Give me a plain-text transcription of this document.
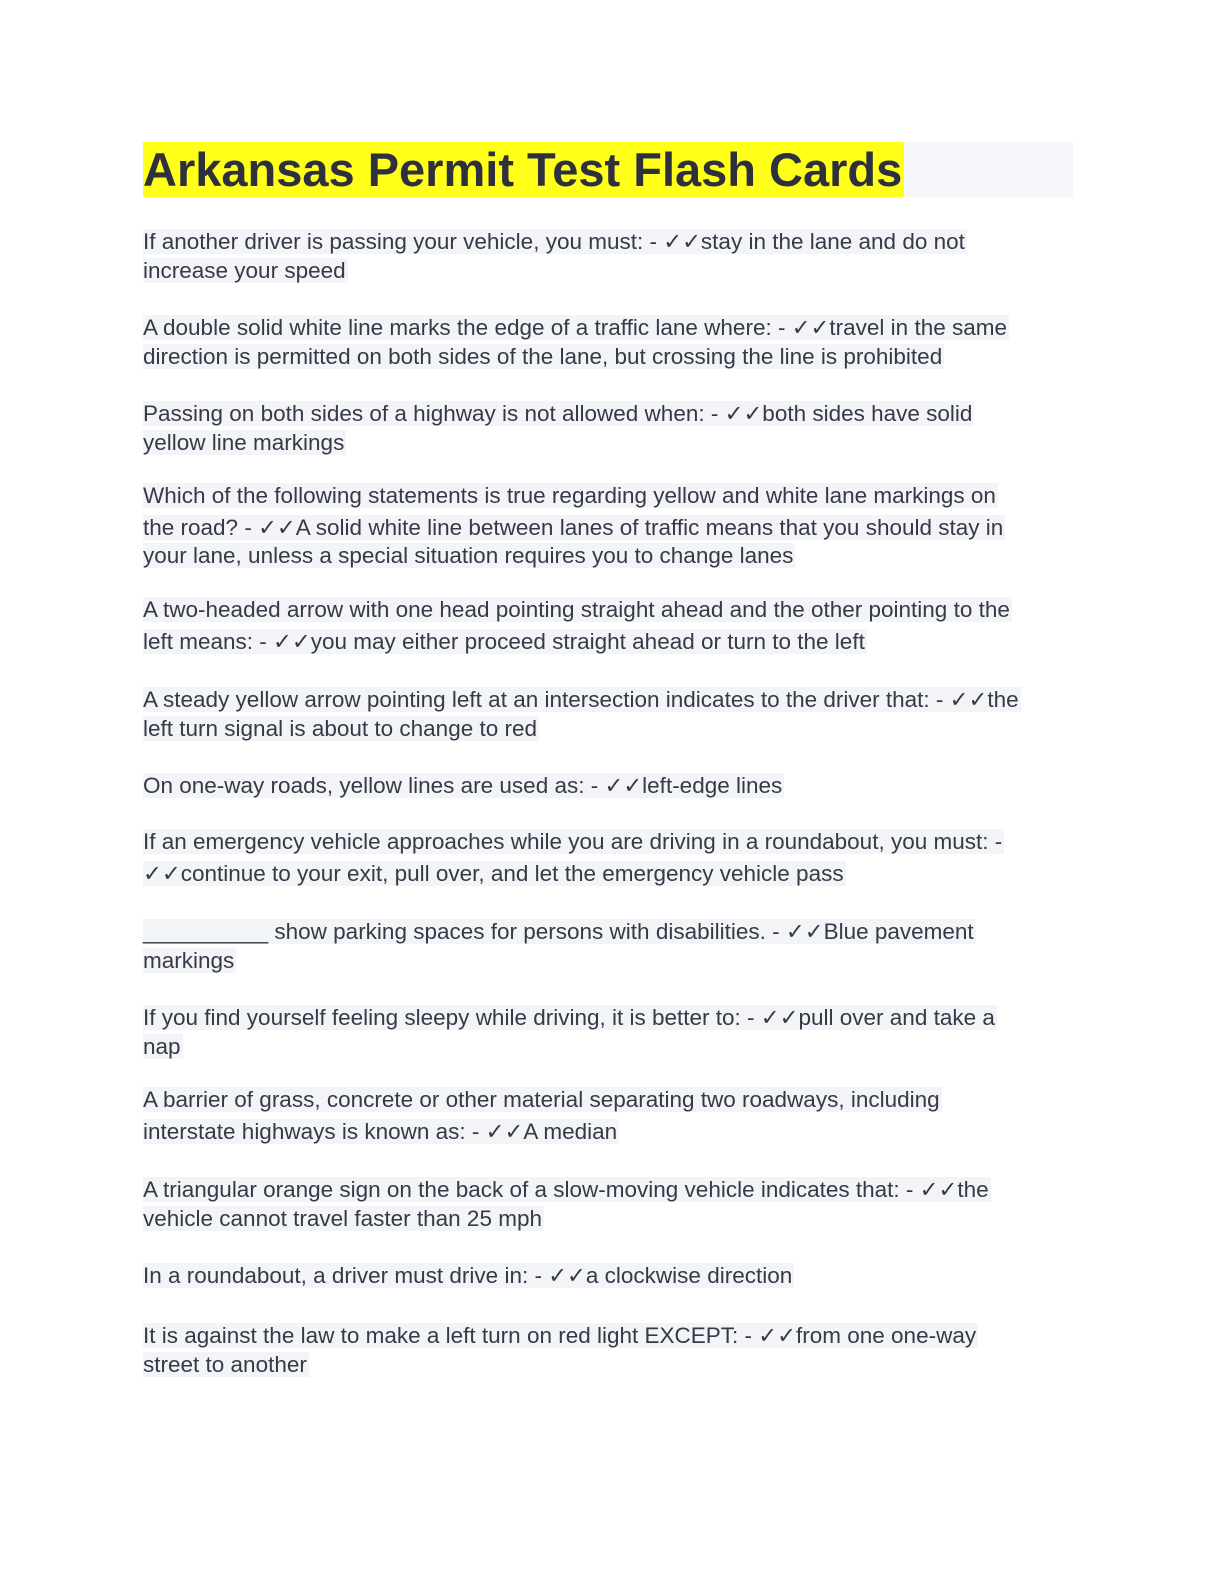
Arkansas Permit Test Flash Cards
If another driver is passing your vehicle, you must: - ✓✓stay in the lane and do not
increase your speed
A double solid white line marks the edge of a traffic lane where: - ✓✓travel in the same
direction is permitted on both sides of the lane, but crossing the line is prohibited
Passing on both sides of a highway is not allowed when: - ✓✓both sides have solid
yellow line markings
Which of the following statements is true regarding yellow and white lane markings on
the road? - ✓✓A solid white line between lanes of traffic means that you should stay in
your lane, unless a special situation requires you to change lanes
A two-headed arrow with one head pointing straight ahead and the other pointing to the
left means: - ✓✓you may either proceed straight ahead or turn to the left
A steady yellow arrow pointing left at an intersection indicates to the driver that: - ✓✓the
left turn signal is about to change to red
On one-way roads, yellow lines are used as: - ✓✓left-edge lines
If an emergency vehicle approaches while you are driving in a roundabout, you must: -
✓✓continue to your exit, pull over, and let the emergency vehicle pass
__________ show parking spaces for persons with disabilities. - ✓✓Blue pavement
markings
If you find yourself feeling sleepy while driving, it is better to: - ✓✓pull over and take a
nap
A barrier of grass, concrete or other material separating two roadways, including
interstate highways is known as: - ✓✓A median
A triangular orange sign on the back of a slow-moving vehicle indicates that: - ✓✓the
vehicle cannot travel faster than 25 mph
In a roundabout, a driver must drive in: - ✓✓a clockwise direction
It is against the law to make a left turn on red light EXCEPT: - ✓✓from one one-way
street to another
